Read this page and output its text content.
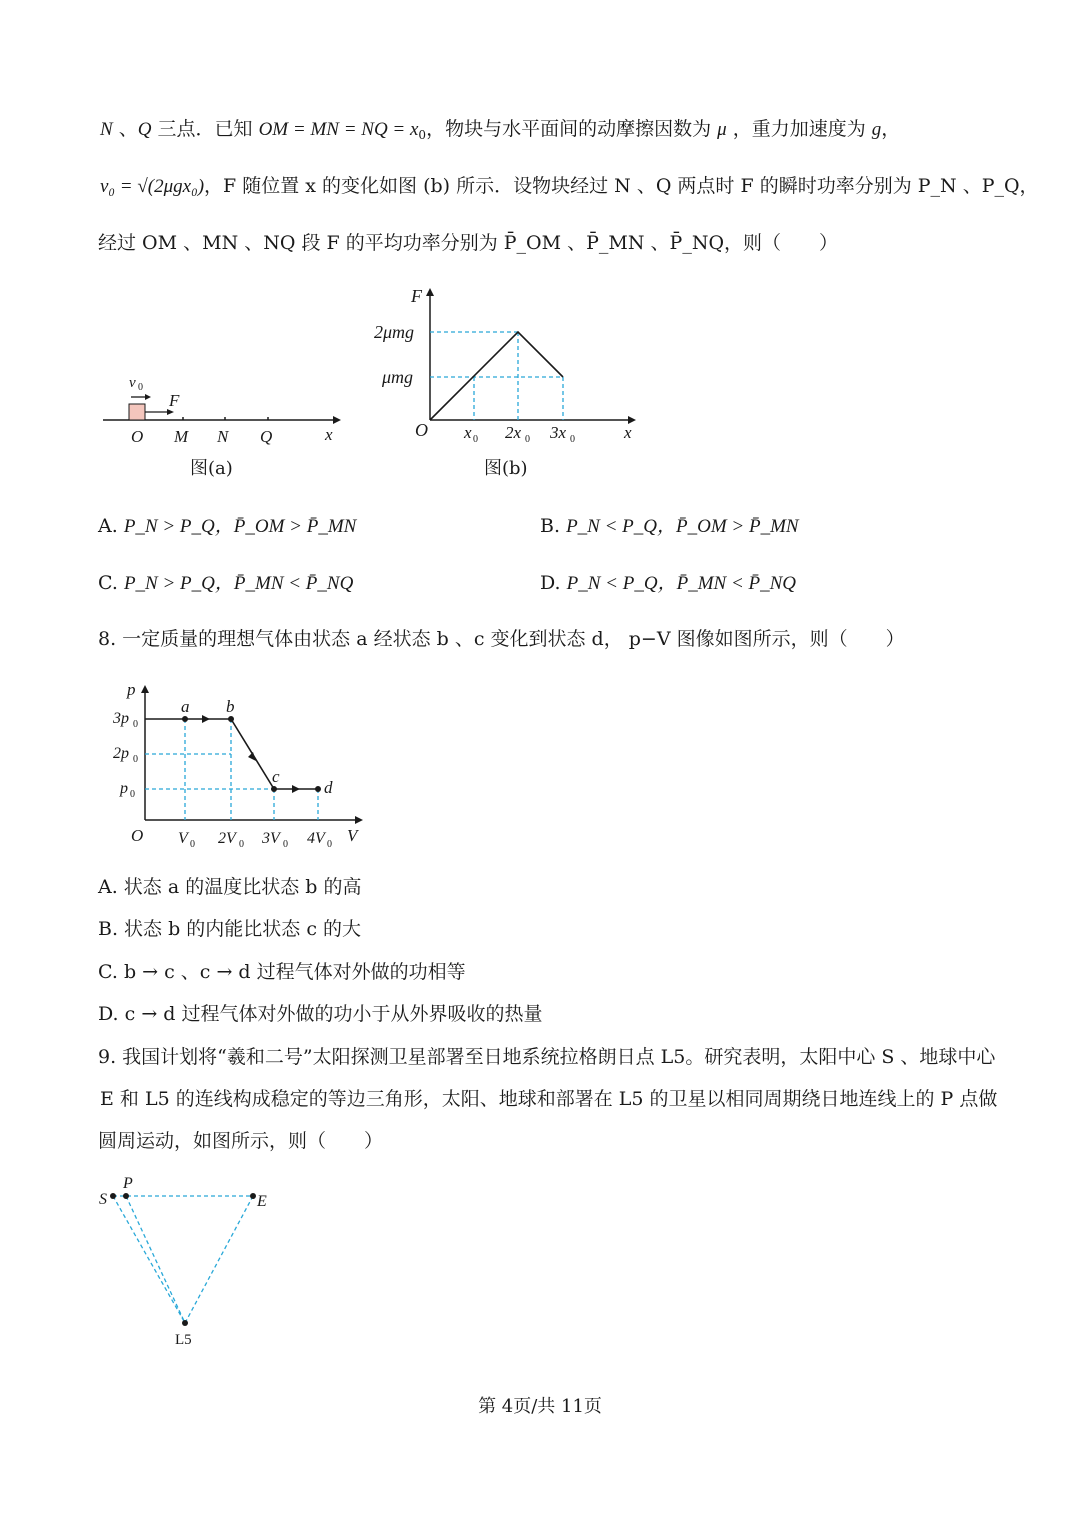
N 、Q 三点．已知 OM = MN = NQ = $x_0$，物块与水平面间的动摩擦因数为 μ ，重力加速度为 g，
v₀ = √(2μgx₀)，F 随位置 x 的变化如图 (b) 所示．设物块经过 N 、Q 两点时 F 的瞬时功率分别为 P_N 、P_Q，
经过 OM 、MN 、NQ 段 F 的平均功率分别为 P̄_OM 、P̄_MN 、P̄_NQ，则（　　）
v 0
F
O M N Q	x
图(a)
F
2μmg
μmg
O x 0 2x 0 3x 0	x
图(b)
A. P_N > P_Q，P̄_OM > P̄_MN	B. P_N < P_Q，P̄_OM > P̄_MN
C. P_N > P_Q，P̄_MN < P̄_NQ	D. P_N < P_Q，P̄_MN < P̄_NQ
8. 一定质量的理想气体由状态 a 经状态 b 、c 变化到状态 d， p−V 图像如图所示，则（　　）
a b
c
d
p
3p 0
2p 0
p 0
O V 0 2V 0 3V 0 4V 0 V
A. 状态 a 的温度比状态 b 的高
B. 状态 b 的内能比状态 c 的大
C. b → c 、c → d 过程气体对外做的功相等
D. c → d 过程气体对外做的功小于从外界吸收的热量
9. 我国计划将“羲和二号”太阳探测卫星部署至日地系统拉格朗日点 L5。研究表明，太阳中心 S 、地球中心
E 和 L5 的连线构成稳定的等边三角形，太阳、地球和部署在 L5 的卫星以相同周期绕日地连线上的 P 点做
圆周运动，如图所示，则（　　）
S
P
E
L5
第 4页/共 11页
